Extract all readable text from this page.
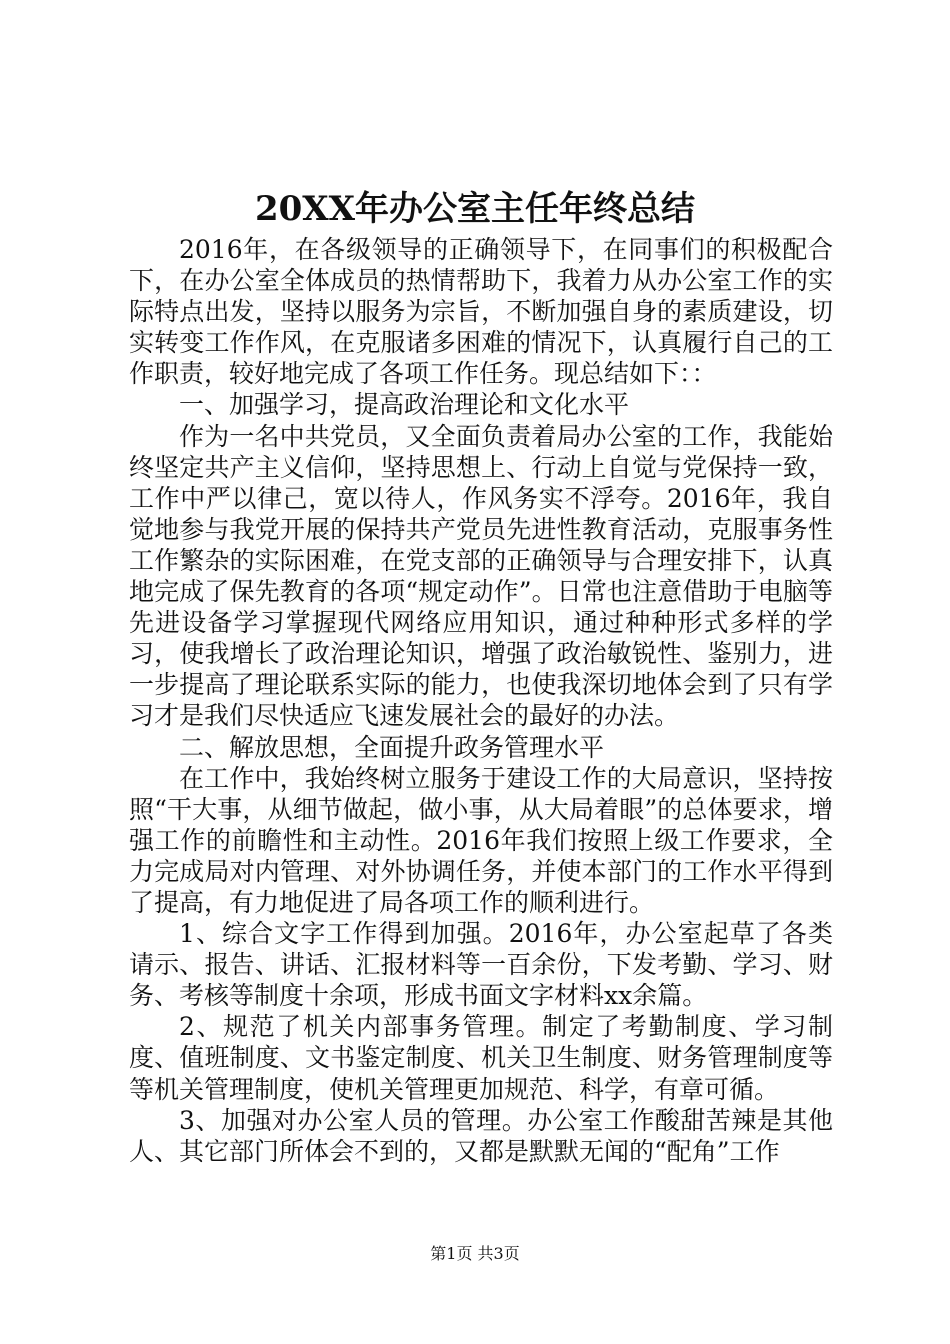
20XX年办公室主任年终总结

2016年，在各级领导的正确领导下，在同事们的积极配合下，在办公室全体成员的热情帮助下，我着力从办公室工作的实际特点出发，坚持以服务为宗旨，不断加强自身的素质建设，切实转变工作作风，在克服诸多困难的情况下，认真履行自己的工作职责，较好地完成了各项工作任务。现总结如下：：

一、加强学习，提高政治理论和文化水平

作为一名中共党员，又全面负责着局办公室的工作，我能始终坚定共产主义信仰，坚持思想上、行动上自觉与党保持一致，工作中严以律己，宽以待人，作风务实不浮夸。2016年，我自觉地参与我党开展的保持共产党员先进性教育活动，克服事务性工作繁杂的实际困难，在党支部的正确领导与合理安排下，认真地完成了保先教育的各项“规定动作”。日常也注意借助于电脑等先进设备学习掌握现代网络应用知识，通过种种形式多样的学习，使我增长了政治理论知识，增强了政治敏锐性、鉴别力，进一步提高了理论联系实际的能力，也使我深切地体会到了只有学习才是我们尽快适应飞速发展社会的最好的办法。

二、解放思想，全面提升政务管理水平

在工作中，我始终树立服务于建设工作的大局意识，坚持按照“干大事，从细节做起，做小事，从大局着眼”的总体要求，增强工作的前瞻性和主动性。2016年我们按照上级工作要求，全力完成局对内管理、对外协调任务，并使本部门的工作水平得到了提高，有力地促进了局各项工作的顺利进行。

1、综合文字工作得到加强。2016年，办公室起草了各类请示、报告、讲话、汇报材料等一百余份，下发考勤、学习、财务、考核等制度十余项，形成书面文字材料xx余篇。

2、规范了机关内部事务管理。制定了考勤制度、学习制度、值班制度、文书鉴定制度、机关卫生制度、财务管理制度等等机关管理制度，使机关管理更加规范、科学，有章可循。

3、加强对办公室人员的管理。办公室工作酸甜苦辣是其他人、其它部门所体会不到的，又都是默默无闻的“配角”工作

第1页 共3页
